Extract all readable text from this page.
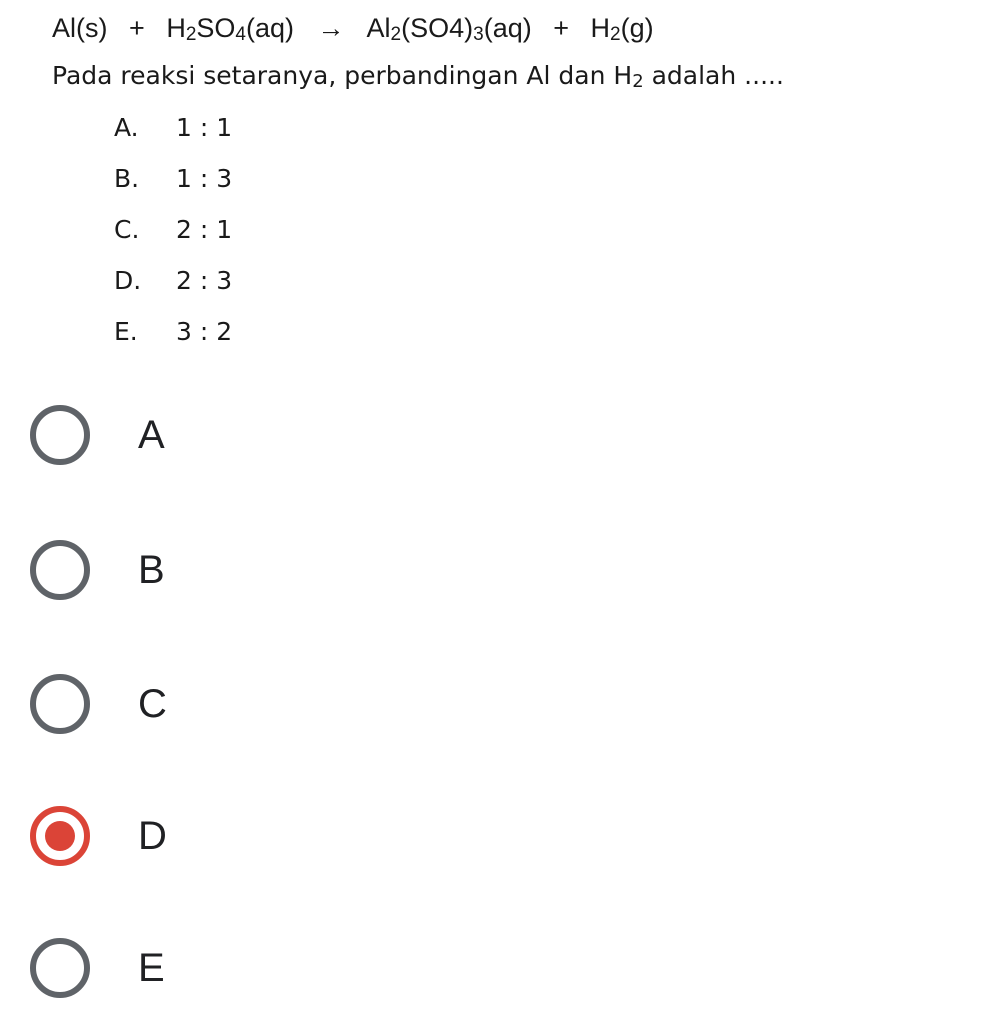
$Al(s) + H_2SO_4(aq) \to Al_2(SO4)_3(aq) + H_2(g)$
Pada reaksi setaranya, perbandingan Al dan $H_2$ adalah .....
A. 1 : 1
B. 1 : 3
C. 2 : 1
D. 2 : 3
E. 3 : 2
A
B
C
D
E
